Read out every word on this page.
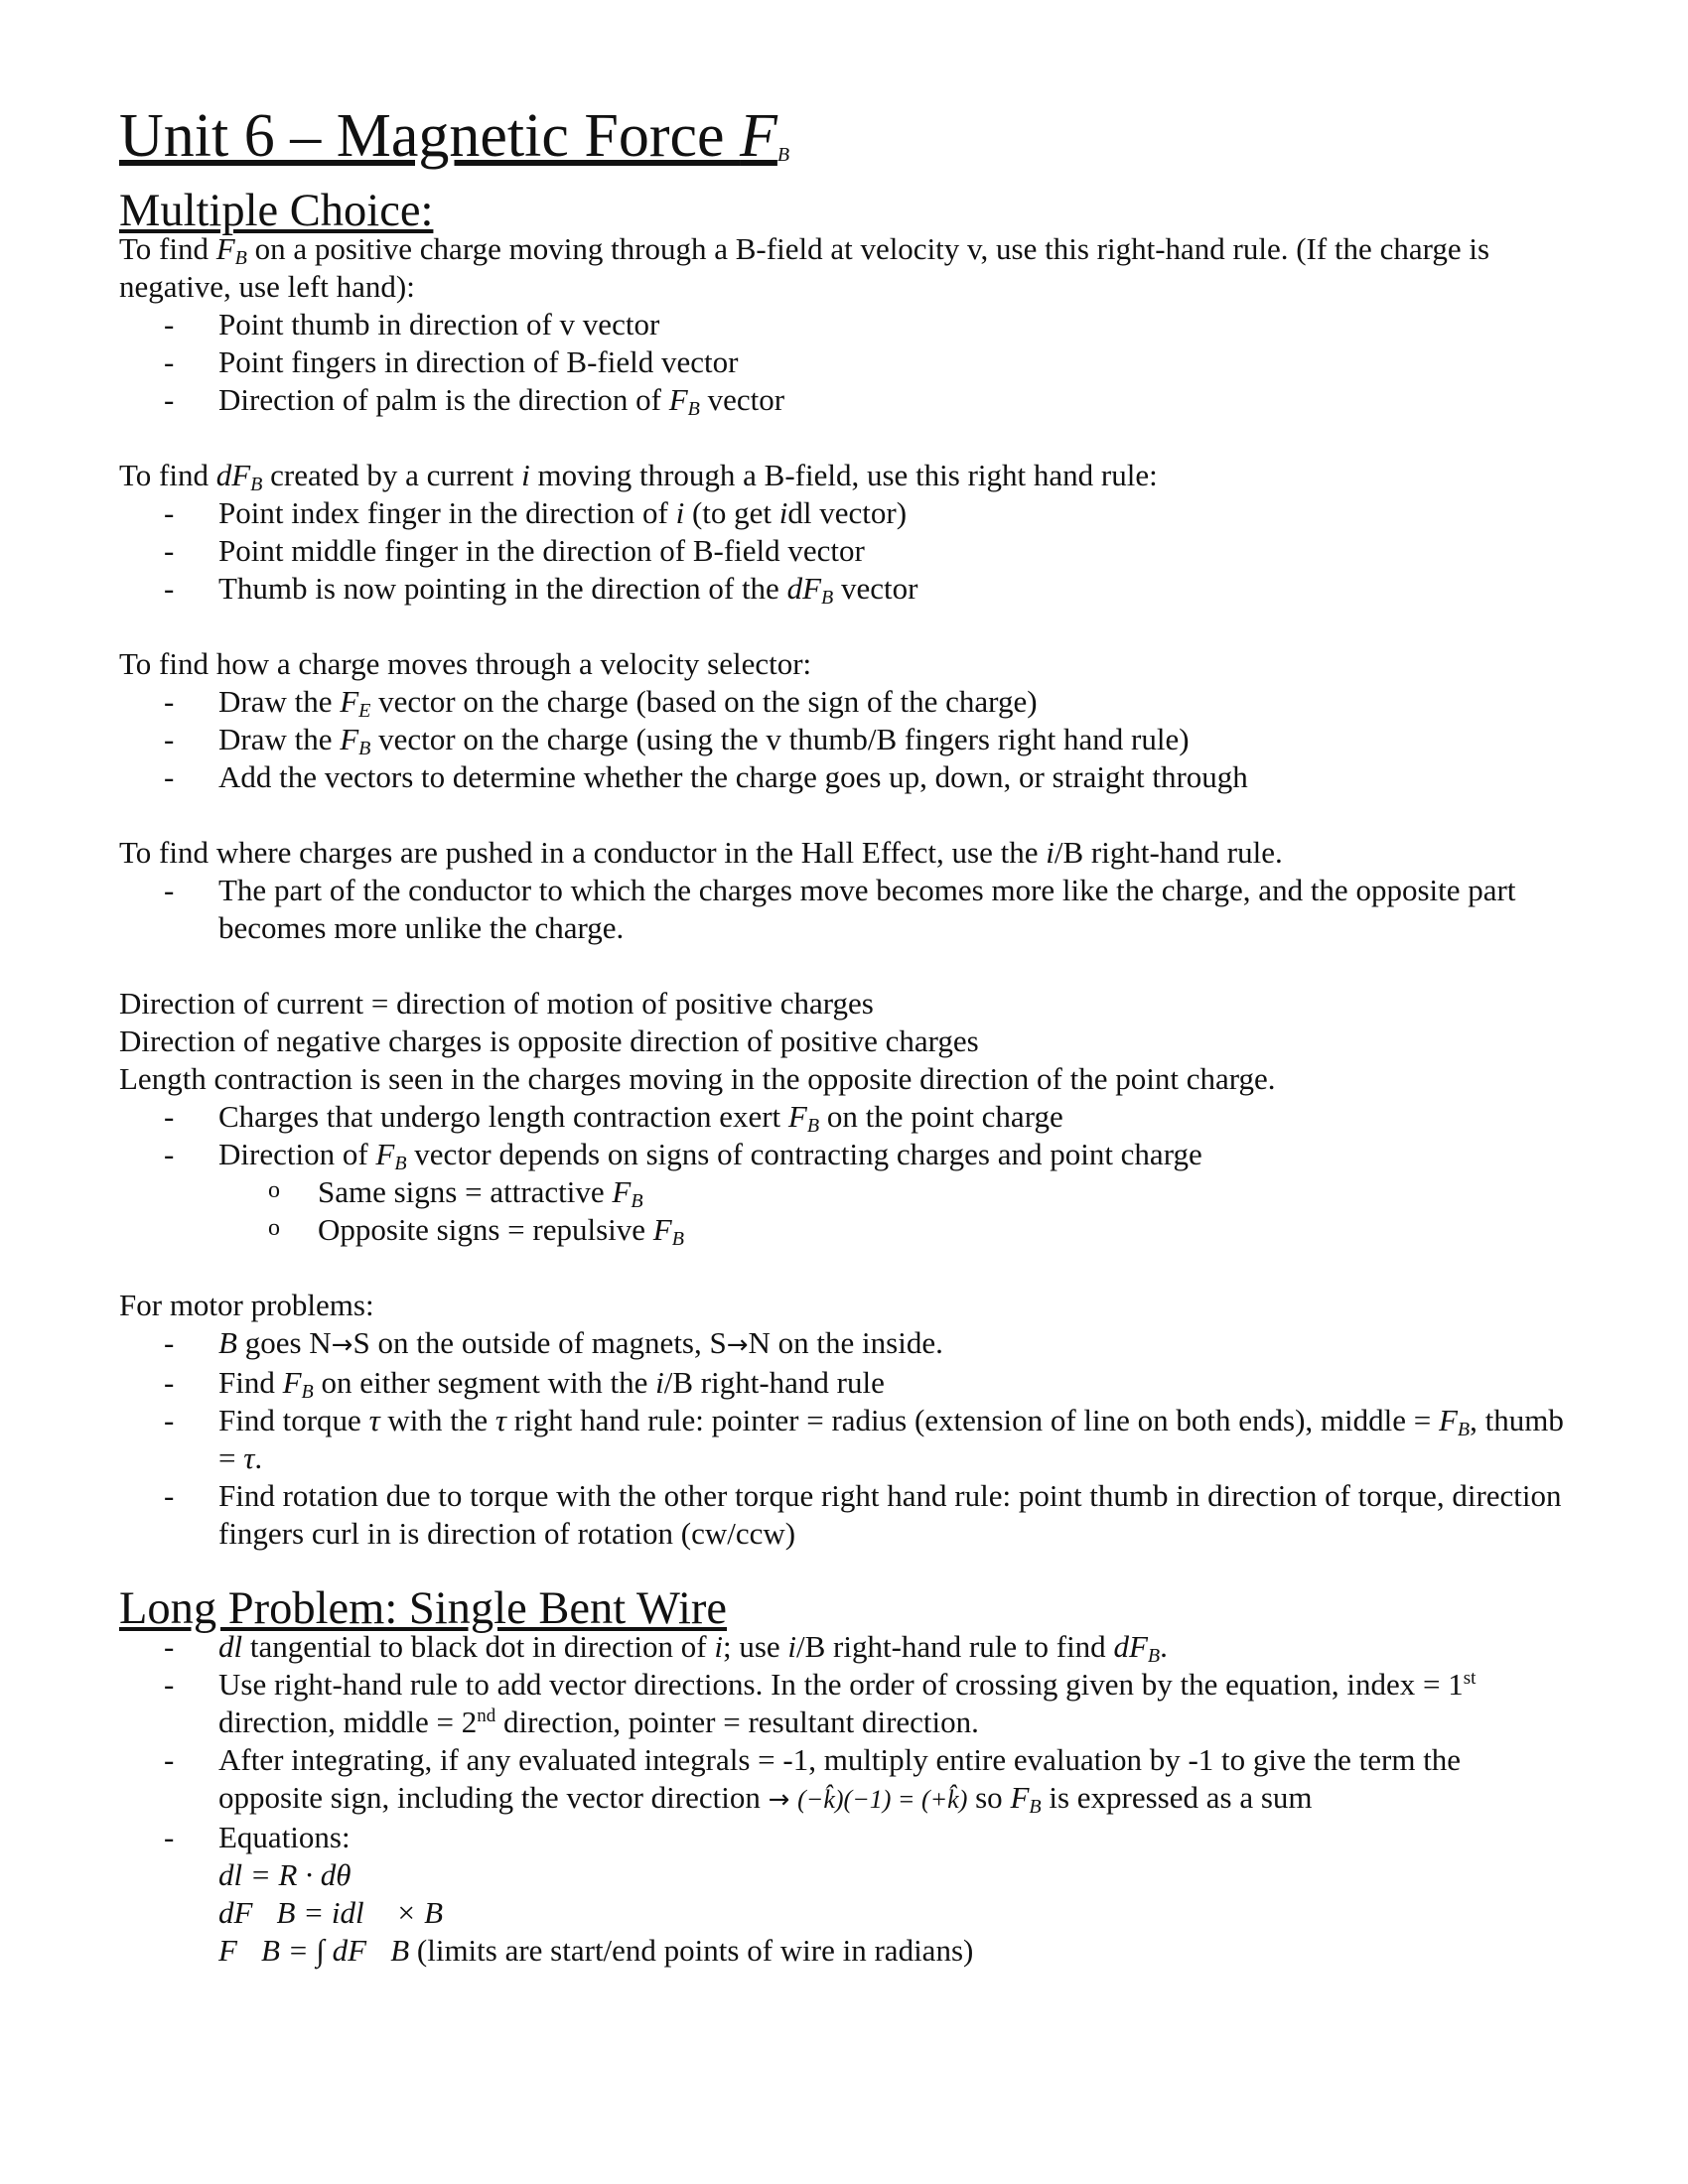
Unit 6 – Magnetic Force $F_B$
Multiple Choice:

To find $F_B$ on a positive charge moving through a B-field at velocity v, use this right-hand rule. (If the charge is negative, use left hand):

- Point thumb in direction of v vector
- Point fingers in direction of B-field vector
- Direction of palm is the direction of $F_B$ vector

To find $dF_B$ created by a current i moving through a B-field, use this right hand rule:

- Point index finger in the direction of i (to get idl vector)
- Point middle finger in the direction of B-field vector
- Thumb is now pointing in the direction of the $dF_B$ vector

To find how a charge moves through a velocity selector:

- Draw the $F_E$ vector on the charge (based on the sign of the charge)
- Draw the $F_B$ vector on the charge (using the v thumb/B fingers right hand rule)
- Add the vectors to determine whether the charge goes up, down, or straight through

To find where charges are pushed in a conductor in the Hall Effect, use the i/B right-hand rule.

- The part of the conductor to which the charges move becomes more like the charge, and the opposite part becomes more unlike the charge.

Direction of current = direction of motion of positive charges

Direction of negative charges is opposite direction of positive charges

Length contraction is seen in the charges moving in the opposite direction of the point charge.

- Charges that undergo length contraction exert $F_B$ on the point charge
- Direction of $F_B$ vector depends on signs of contracting charges and point charge
o Same signs = attractive $F_B$
o Opposite signs = repulsive $F_B$

For motor problems:

- B goes N→S on the outside of magnets, S→N on the inside.
- Find $F_B$ on either segment with the i/B right-hand rule
- Find torque τ with the τ right hand rule: pointer = radius (extension of line on both ends), middle = $F_B$, thumb = τ.
- Find rotation due to torque with the other torque right hand rule: point thumb in direction of torque, direction fingers curl in is direction of rotation (cw/ccw)
Long Problem: Single Bent Wire
- dl tangential to black dot in direction of i; use i/B right-hand rule to find $dF_B$.
- Use right-hand rule to add vector directions. In the order of crossing given by the equation, index = 1st direction, middle = 2nd direction, pointer = resultant direction.
- After integrating, if any evaluated integrals = -1, multiply entire evaluation by -1 to give the term the opposite sign, including the vector direction → (−k̂)(−1) = (+k̂) so $F_B$ is expressed as a sum
- Equations:
dl = R · dθ
dF⃗B = idl⃗ × B⃗
F⃗B = ∫ dF⃗B (limits are start/end points of wire in radians)
